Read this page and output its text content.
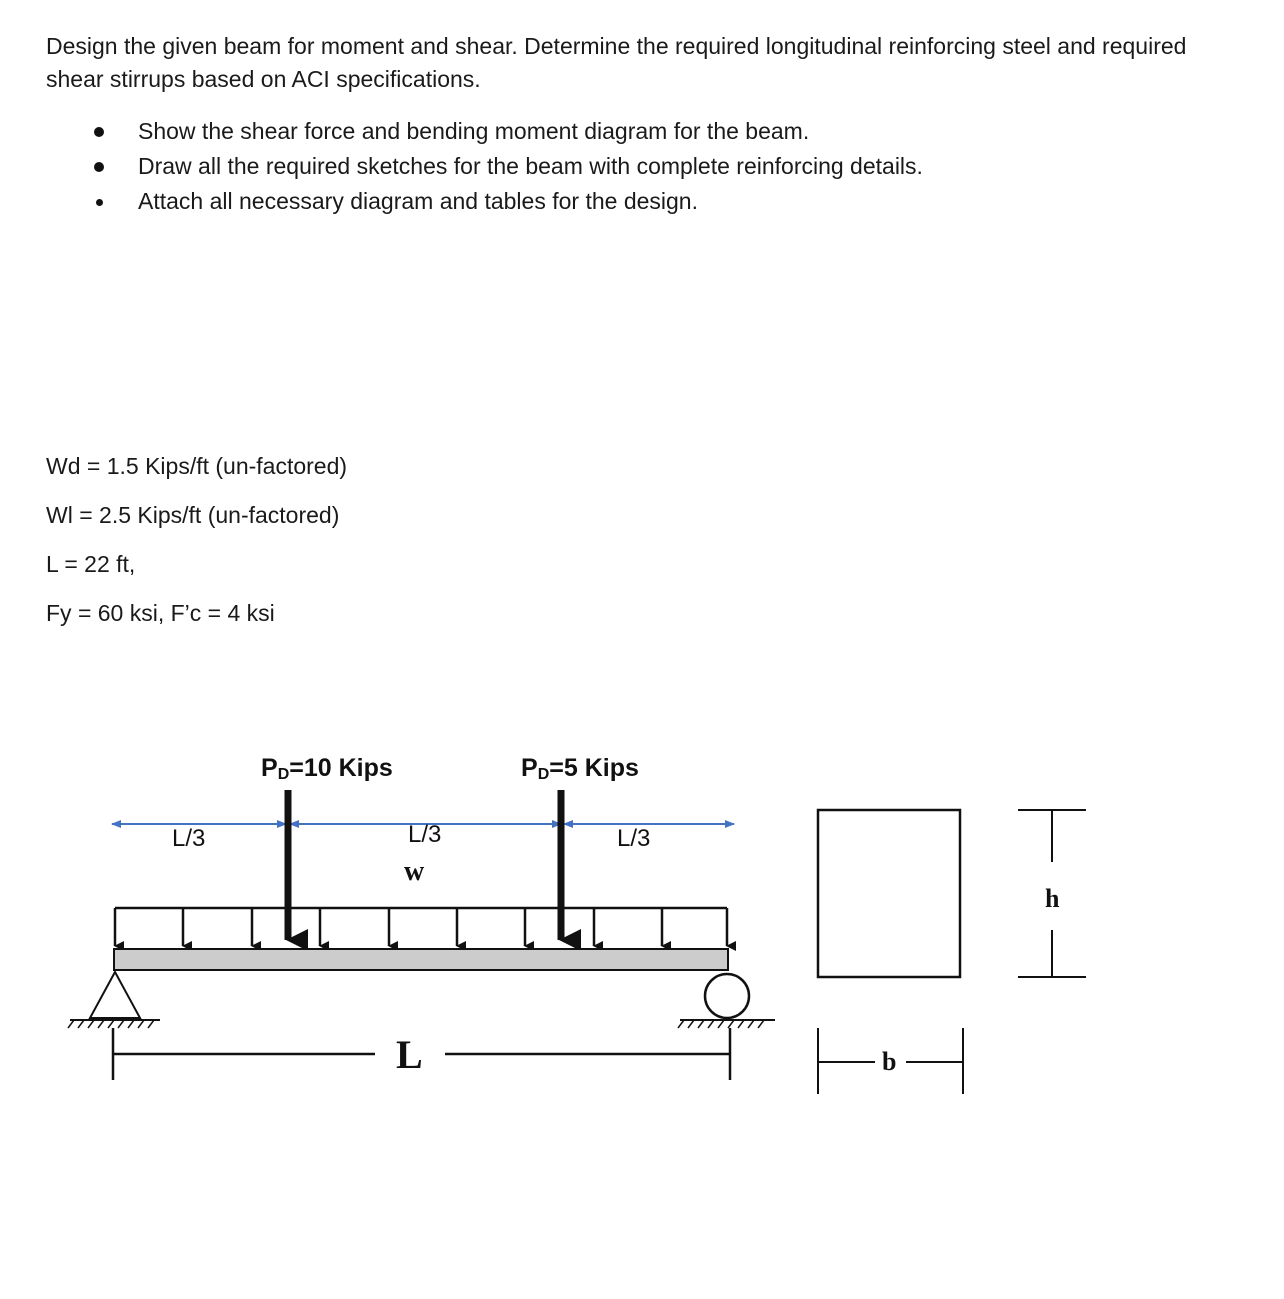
Design the given beam for moment and shear. Determine the required longitudinal reinforcing steel and required shear stirrups based on ACI specifications.

Show the shear force and bending moment diagram for the beam.
Draw all the required sketches for the beam with complete reinforcing details.
Attach all necessary diagram and tables for the design.

Wd = 1.5 Kips/ft (un-factored)

Wl = 2.5 Kips/ft (un-factored)

L = 22 ft,

Fy = 60 ksi, F’c = 4 ksi

PD=10 Kips	PD=5 Kips
L/3	L/3	L/3
w
L
h
b
